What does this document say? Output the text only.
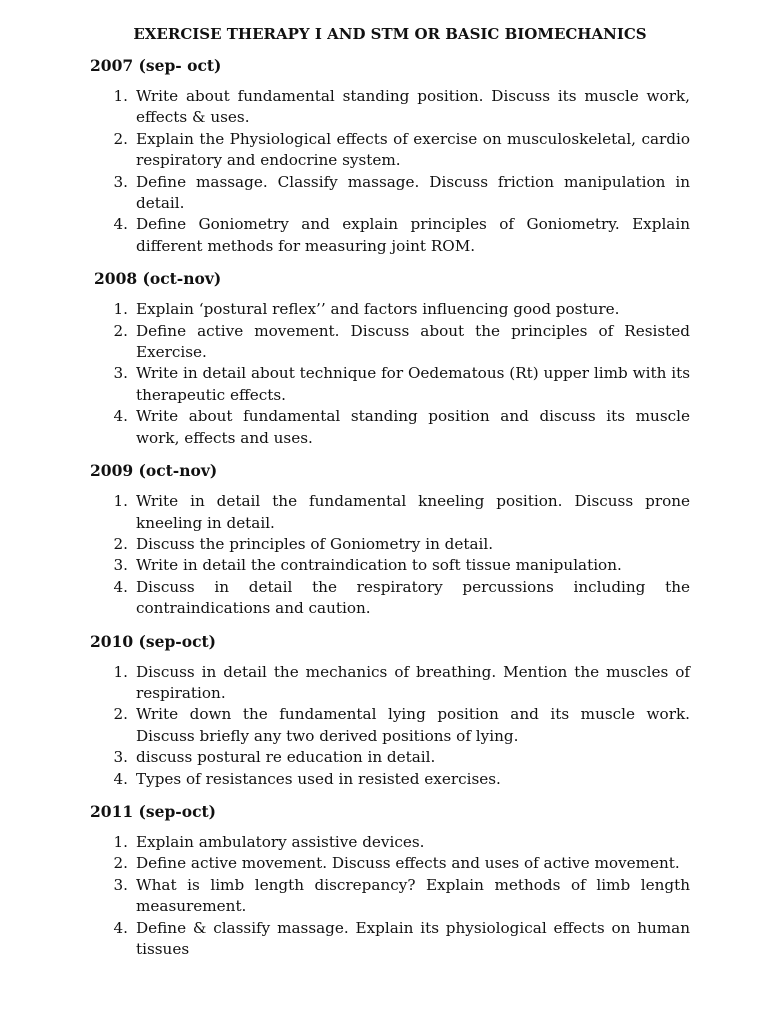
EXERCISE THERAPY I AND STM OR BASIC BIOMECHANICS
2007 (sep- oct)
1. Write about fundamental standing position. Discuss its muscle work, effects & uses.
2. Explain the Physiological effects of exercise on musculoskeletal, cardio respiratory and endocrine system.
3. Define massage. Classify massage. Discuss friction manipulation in detail.
4. Define Goniometry and explain principles of Goniometry. Explain different methods for measuring joint ROM.
2008 (oct-nov)
1. Explain ‘postural reflex’’ and factors influencing good posture.
2. Define active movement. Discuss about the principles of Resisted Exercise.
3. Write in detail about technique for Oedematous (Rt) upper limb with its therapeutic effects.
4. Write about fundamental standing position and discuss its muscle work, effects and uses.
2009 (oct-nov)
1. Write in detail the fundamental kneeling position. Discuss prone kneeling in detail.
2. Discuss the principles of Goniometry in detail.
3. Write in detail the contraindication to soft tissue manipulation.
4. Discuss in detail the respiratory percussions including the contraindications and caution.
2010 (sep-oct)
1. Discuss in detail the mechanics of breathing. Mention the muscles of respiration.
2. Write down the fundamental lying position and its muscle work. Discuss briefly any two derived positions of lying.
3. discuss postural re education in detail.
4. Types of resistances used in resisted exercises.
2011 (sep-oct)
1. Explain ambulatory assistive devices.
2. Define active movement. Discuss effects and uses of active movement.
3. What is limb length discrepancy? Explain methods of limb length measurement.
4. Define & classify massage. Explain its physiological effects on human tissues
